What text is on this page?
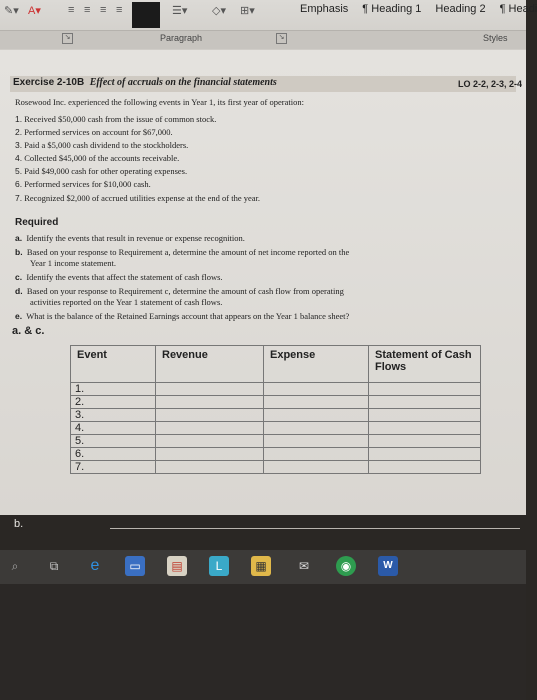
✎▾ A▾ ≡ ≡ ≡ ≡	☰▾ ◇▾ ⊞▾	Emphasis ¶ Heading 1 Heading 2 ¶ Headi
↘	Paragraph	↘	Styles
Exercise 2-10B Effect of accruals on the financial statements	LO 2-2, 2-3, 2-4
Rosewood Inc. experienced the following events in Year 1, its first year of operation:
1. Received $50,000 cash from the issue of common stock.
2. Performed services on account for $67,000.
3. Paid a $5,000 cash dividend to the stockholders.
4. Collected $45,000 of the accounts receivable.
5. Paid $49,000 cash for other operating expenses.
6. Performed services for $10,000 cash.
7. Recognized $2,000 of accrued utilities expense at the end of the year.
Required
a. Identify the events that result in revenue or expense recognition.
b. Based on your response to Requirement a, determine the amount of net income reported on the
Year 1 income statement.
c. Identify the events that affect the statement of cash flows.
d. Based on your response to Requirement c, determine the amount of cash flow from operating
activities reported on the Year 1 statement of cash flows.
e. What is the balance of the Retained Earnings account that appears on the Year 1 balance sheet?
a. & c.
Event	Revenue	Expense	Statement of Cash Flows
1.			
2.			
3.			
4.			
5.			
6.			
7.			
b.
⌕	⧉	e	▭	▤	L	▦	✉	◉	W
